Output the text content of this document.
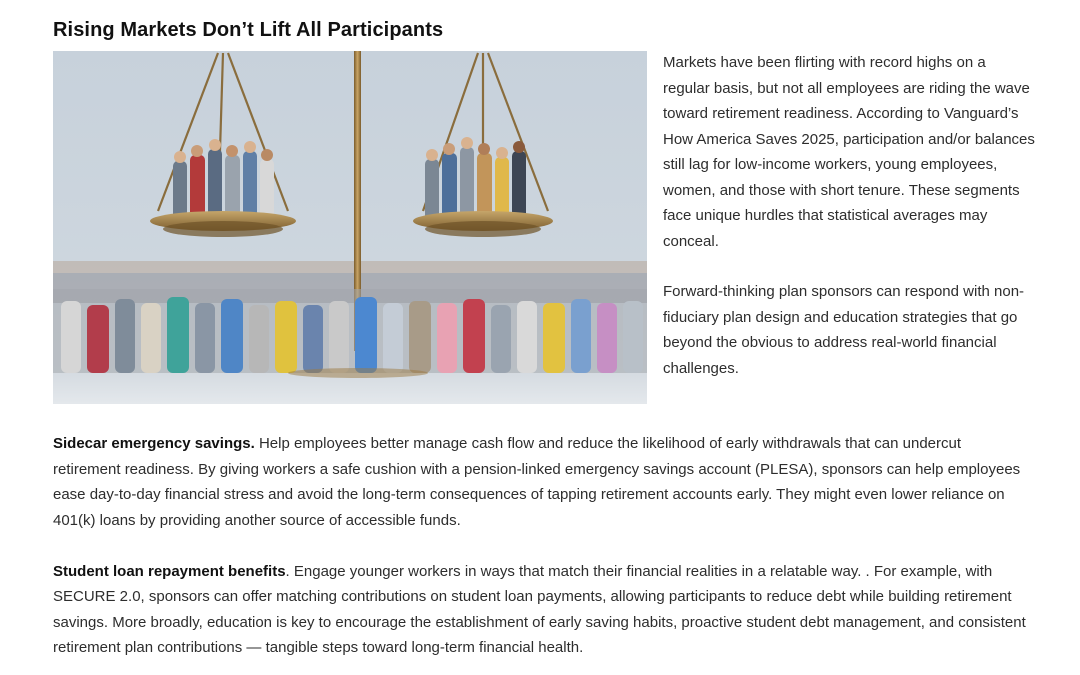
Rising Markets Don’t Lift All Participants

Markets have been flirting with record highs on a regular basis, but not all employees are riding the wave toward retirement readiness. According to Vanguard’s How America Saves 2025, participation and/or balances still lag for low-income workers, young employees, women, and those with short tenure. These segments face unique hurdles that statistical averages may conceal.

Forward-thinking plan sponsors can respond with non-fiduciary plan design and education strategies that go beyond the obvious to address real-world financial challenges.

Sidecar emergency savings. Help employees better manage cash flow and reduce the likelihood of early withdrawals that can undercut retirement readiness. By giving workers a safe cushion with a pension-linked emergency savings account (PLESA), sponsors can help employees ease day-to-day financial stress and avoid the long-term consequences of tapping retirement accounts early. They might even lower reliance on 401(k) loans by providing another source of accessible funds.

Student loan repayment benefits. Engage younger workers in ways that match their financial realities in a relatable way. . For example, with SECURE 2.0, sponsors can offer matching contributions on student loan payments, allowing participants to reduce debt while building retirement savings. More broadly, education is key to encourage the establishment of early saving habits, proactive student debt management, and consistent retirement plan contributions — tangible steps toward long-term financial health.
